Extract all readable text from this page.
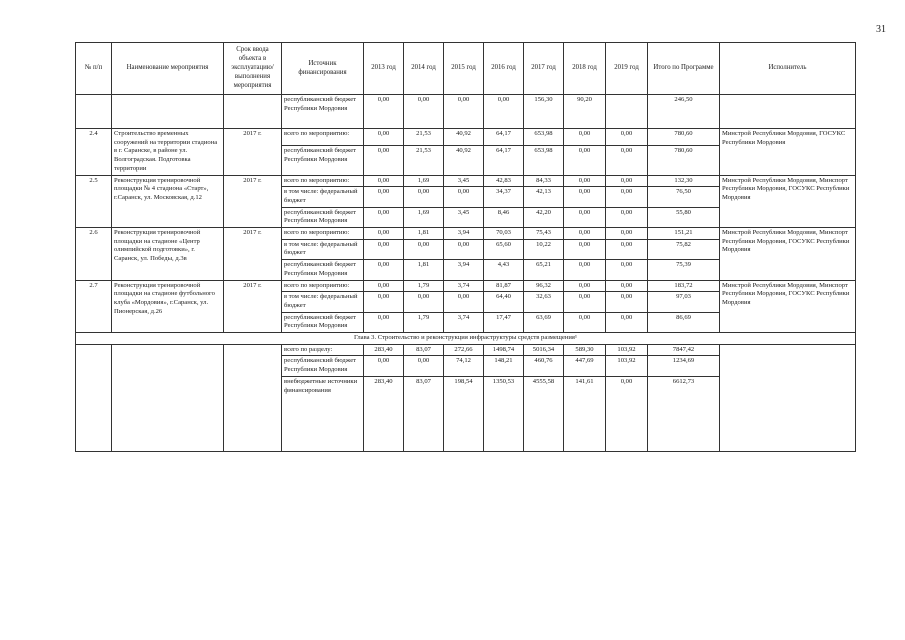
31
№ п/п	Наименование мероприятия	Срок ввода объекта в эксплуатацию/ выполнения мероприятия	Источник финансирования	2013 год	2014 год	2015 год	2016 год	2017 год	2018 год	2019 год	Итого по Программе	Исполнитель
			республиканский бюджет Республики Мордовия	0,00	0,00	0,00	0,00	156,30	90,20		246,50	
2.4	Строительство временных сооружений на территории стадиона в г. Саранске, в районе ул. Волгоградская. Подготовка территории	2017 г.	всего по мероприятию:	0,00	21,53	40,92	64,17	653,98	0,00	0,00	780,60	Минстрой Республики Мордовия, ГОСУКС Республики Мордовия
			республиканский бюджет Республики Мордовия	0,00	21,53	40,92	64,17	653,98	0,00	0,00	780,60	
2.5	Реконструкция тренировочной площадки № 4 стадиона «Старт», г.Саранск, ул. Московская, д.12	2017 г.	всего по мероприятию:	0,00	1,69	3,45	42,83	84,33	0,00	0,00	132,30	Минстрой Республики Мордовия, Минспорт Республики Мордовия, ГОСУКС Республики Мордовия
			в том числе: федеральный бюджет	0,00	0,00	0,00	34,37	42,13	0,00	0,00	76,50	
			республиканский бюджет Республики Мордовия	0,00	1,69	3,45	8,46	42,20	0,00	0,00	55,80	
2.6	Реконструкция тренировочной площадки на стадионе «Центр олимпийской подготовки», г. Саранск, ул. Победы, д.3в	2017 г.	всего по мероприятию:	0,00	1,81	3,94	70,03	75,43	0,00	0,00	151,21	Минстрой Республики Мордовия, Минспорт Республики Мордовия, ГОСУКС Республики Мордовия
			в том числе: федеральный бюджет	0,00	0,00	0,00	65,60	10,22	0,00	0,00	75,82	
			республиканский бюджет Республики Мордовия	0,00	1,81	3,94	4,43	65,21	0,00	0,00	75,39	
2.7	Реконструкция тренировочной площадки на стадионе футбольного клуба «Мордовия», г.Саранск, ул. Пионерская, д.26	2017 г.	всего по мероприятию:	0,00	1,79	3,74	81,87	96,32	0,00	0,00	183,72	Минстрой Республики Мордовия, Минспорт Республики Мордовия, ГОСУКС Республики Мордовия
			в том числе: федеральный бюджет	0,00	0,00	0,00	64,40	32,63	0,00	0,00	97,03	
			республиканский бюджет Республики Мордовия	0,00	1,79	3,74	17,47	63,69	0,00	0,00	86,69	
Глава 3. Строительство и реконструкция инфраструктуры средств размещения¹												
			всего по разделу:	283,40	83,07	272,66	1498,74	5016,34	589,30	103,92	7847,42	
			республиканский бюджет Республики Мордовия	0,00	0,00	74,12	148,21	460,76	447,69	103,92	1234,69	
			внебюджетные источники финансирования	283,40	83,07	198,54	1350,53	4555,58	141,61	0,00	6612,73	
